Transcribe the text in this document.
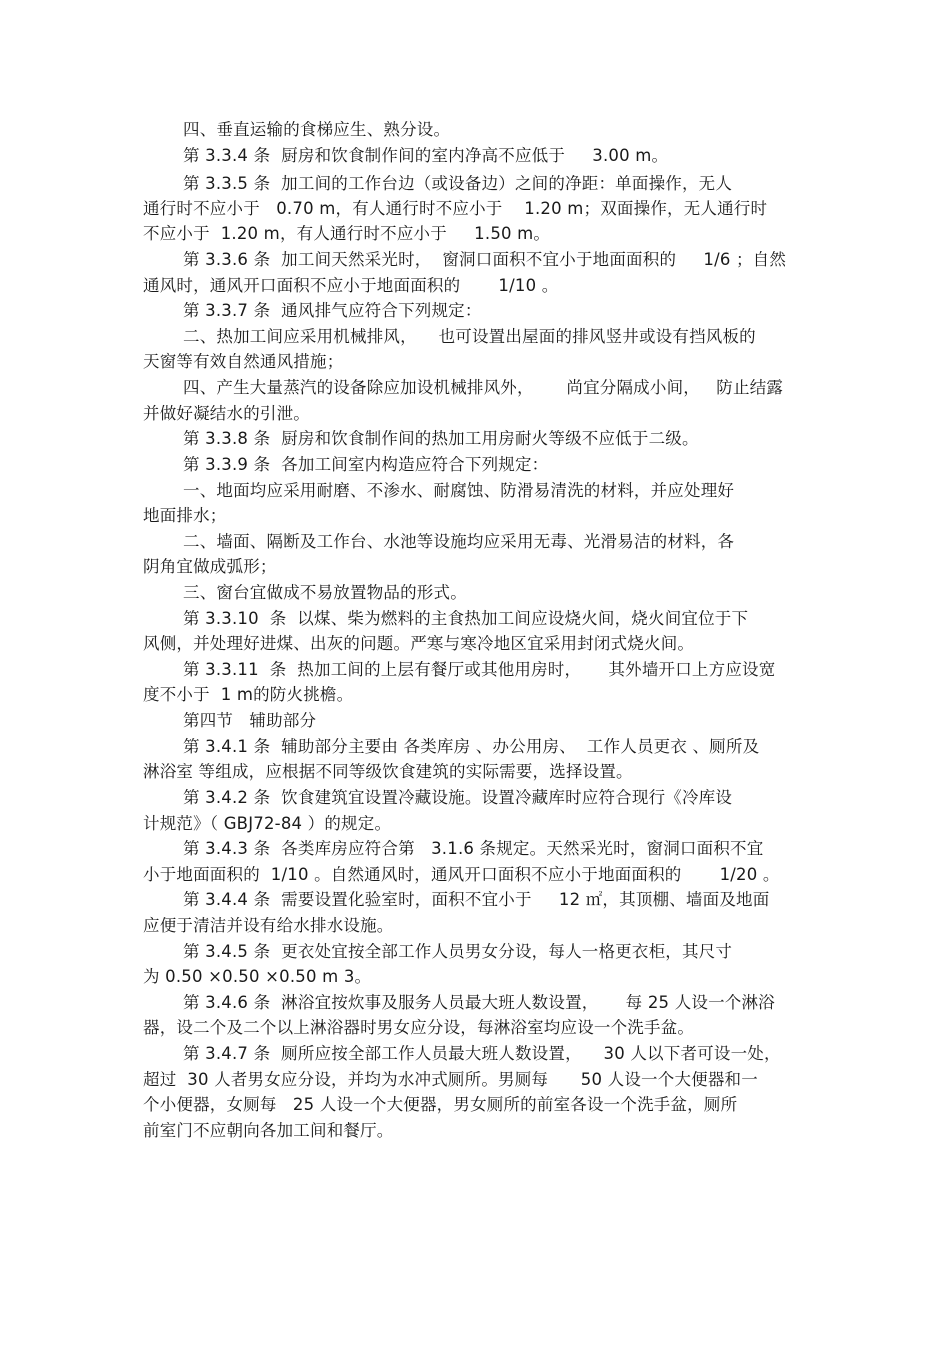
四、垂直运输的食梯应生、熟分设。
第 3.3.4 条  厨房和饮食制作间的室内净高不应低于     3.00 m。
第 3.3.5 条  加工间的工作台边（或设备边）之间的净距：单面操作，无人
通行时不应小于   0.70 m，有人通行时不应小于    1.20 m；双面操作，无人通行时
不应小于  1.20 m，有人通行时不应小于     1.50 m。
第 3.3.6 条  加工间天然采光时，  窗洞口面积不宜小于地面面积的     1/6 ；自然
通风时，通风开口面积不应小于地面面积的       1/10 。
第 3.3.7 条  通风排气应符合下列规定：
二、热加工间应采用机械排风，    也可设置出屋面的排风竖井或设有挡风板的
天窗等有效自然通风措施；
四、产生大量蒸汽的设备除应加设机械排风外，      尚宜分隔成小间，   防止结露
并做好凝结水的引泄。
第 3.3.8 条  厨房和饮食制作间的热加工用房耐火等级不应低于二级。
第 3.3.9 条  各加工间室内构造应符合下列规定：
一、地面均应采用耐磨、不渗水、耐腐蚀、防滑易清洗的材料，并应处理好
地面排水；
二、墙面、隔断及工作台、水池等设施均应采用无毒、光滑易洁的材料，各
阴角宜做成弧形；
三、窗台宜做成不易放置物品的形式。
第 3.3.10  条  以煤、柴为燃料的主食热加工间应设烧火间，烧火间宜位于下
风侧，并处理好进煤、出灰的问题。严寒与寒冷地区宜采用封闭式烧火间。
第 3.3.11  条  热加工间的上层有餐厅或其他用房时，     其外墙开口上方应设宽
度不小于  1 m的防火挑檐。
第四节   辅助部分
第 3.4.1 条  辅助部分主要由 各类库房 、办公用房、  工作人员更衣 、厕所及
淋浴室 等组成，应根据不同等级饮食建筑的实际需要，选择设置。
第 3.4.2 条  饮食建筑宜设置冷藏设施。设置冷藏库时应符合现行《冷库设
计规范》（ GBJ72-84 ）的规定。
第 3.4.3 条  各类库房应符合第   3.1.6 条规定。天然采光时，窗洞口面积不宜
小于地面面积的  1/10 。自然通风时，通风开口面积不应小于地面面积的       1/20 。
第 3.4.4 条  需要设置化验室时，面积不宜小于     12 ㎡，其顶棚、墙面及地面
应便于清洁并设有给水排水设施。
第 3.4.5 条  更衣处宜按全部工作人员男女分设，每人一格更衣柜，其尺寸
为 0.50 ×0.50 ×0.50 m 3。
第 3.4.6 条  淋浴宜按炊事及服务人员最大班人数设置，     每 25 人设一个淋浴
器，设二个及二个以上淋浴器时男女应分设，每淋浴室均应设一个洗手盆。
第 3.4.7 条  厕所应按全部工作人员最大班人数设置，    30 人以下者可设一处，
超过  30 人者男女应分设，并均为水冲式厕所。男厕每      50 人设一个大便器和一
个小便器，女厕每   25 人设一个大便器，男女厕所的前室各设一个洗手盆，厕所
前室门不应朝向各加工间和餐厅。
